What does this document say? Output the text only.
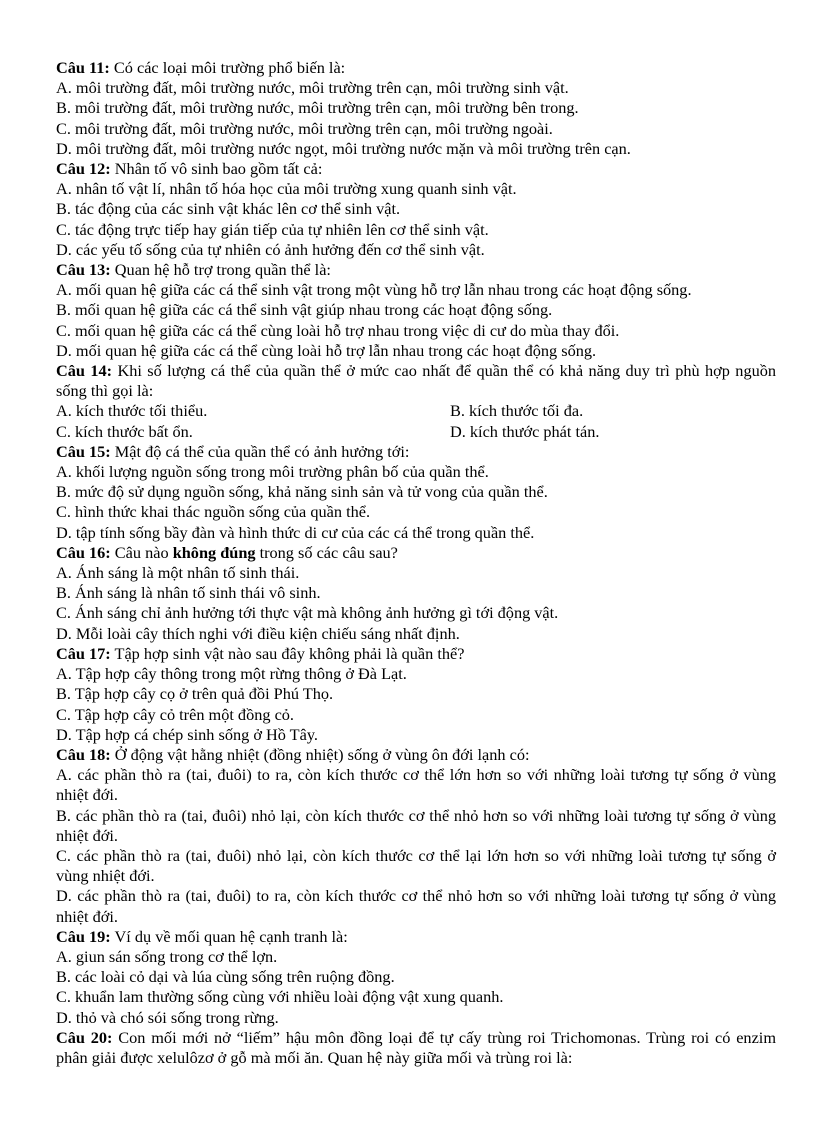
Câu 11: Có các loại môi trường phổ biến là:
A. môi trường đất, môi trường nước, môi trường trên cạn, môi trường sinh vật.
B. môi trường đất, môi trường nước, môi trường trên cạn, môi trường bên trong.
C. môi trường đất, môi trường nước, môi trường trên cạn, môi trường ngoài.
D. môi trường đất, môi trường nước ngọt, môi trường nước mặn và môi trường trên cạn.
Câu 12: Nhân tố vô sinh bao gồm tất cả:
A. nhân tố vật lí, nhân tố hóa học của môi trường xung quanh sinh vật.
B. tác động của các sinh vật khác lên cơ thể sinh vật.
C. tác động trực tiếp hay gián tiếp của tự nhiên lên cơ thể sinh vật.
D. các yếu tố sống của tự nhiên có ảnh hưởng đến cơ thể sinh vật.
Câu 13: Quan hệ hỗ trợ trong quần thể là:
A. mối quan hệ giữa các cá thể sinh vật trong một vùng hỗ trợ lẫn nhau trong các hoạt động sống.
B. mối quan hệ giữa các cá thể sinh vật giúp nhau trong các hoạt động sống.
C. mối quan hệ giữa các cá thể cùng loài hỗ trợ nhau trong việc di cư do mùa thay đổi.
D. mối quan hệ giữa các cá thể cùng loài hỗ trợ lẫn nhau trong các hoạt động sống.
Câu 14: Khi số lượng cá thể của quần thể ở mức cao nhất để quần thể có khả năng duy trì phù hợp nguồn sống thì gọi là:
A. kích thước tối thiểu.	B. kích thước tối đa.
C. kích thước bất ổn.	D. kích thước phát tán.
Câu 15: Mật độ cá thể của quần thể có ảnh hưởng tới:
A. khối lượng nguồn sống trong môi trường phân bố của quần thể.
B. mức độ sử dụng nguồn sống, khả năng sinh sản và tử vong của quần thể.
C. hình thức khai thác nguồn sống của quần thể.
D. tập tính sống bầy đàn và hình thức di cư của các cá thể trong quần thể.
Câu 16: Câu nào không đúng trong số các câu sau?
A. Ánh sáng là một nhân tố sinh thái.
B. Ánh sáng là nhân tố sinh thái vô sinh.
C. Ánh sáng chỉ ảnh hưởng tới thực vật mà không ảnh hưởng gì tới động vật.
D. Mỗi loài cây thích nghi với điều kiện chiếu sáng nhất định.
Câu 17: Tập hợp sinh vật nào sau đây không phải là quần thể?
A. Tập hợp cây thông trong một rừng thông ở Đà Lạt.
B. Tập hợp cây cọ ở trên quả đồi Phú Thọ.
C. Tập hợp cây cỏ trên một đồng cỏ.
D. Tập hợp cá chép sinh sống ở Hồ Tây.
Câu 18: Ở động vật hằng nhiệt (đồng nhiệt) sống ở vùng ôn đới lạnh có:
A. các phần thò ra (tai, đuôi) to ra, còn kích thước cơ thể lớn hơn so với những loài tương tự sống ở vùng nhiệt đới.
B. các phần thò ra (tai, đuôi) nhỏ lại, còn kích thước cơ thể nhỏ hơn so với những loài tương tự sống ở vùng nhiệt đới.
C. các phần thò ra (tai, đuôi) nhỏ lại, còn kích thước cơ thể lại lớn hơn so với những loài tương tự sống ở vùng nhiệt đới.
D. các phần thò ra (tai, đuôi) to ra, còn kích thước cơ thể nhỏ hơn so với những loài tương tự sống ở vùng nhiệt đới.
Câu 19: Ví dụ về mối quan hệ cạnh tranh là:
A. giun sán sống trong cơ thể lợn.
B. các loài cỏ dại và lúa cùng sống trên ruộng đồng.
C. khuẩn lam thường sống cùng với nhiều loài động vật xung quanh.
D. thỏ và chó sói sống trong rừng.
Câu 20: Con mối mới nở “liếm” hậu môn đồng loại để tự cấy trùng roi Trichomonas. Trùng roi có enzim phân giải được xelulôzơ ở gỗ mà mối ăn. Quan hệ này giữa mối và trùng roi là:
